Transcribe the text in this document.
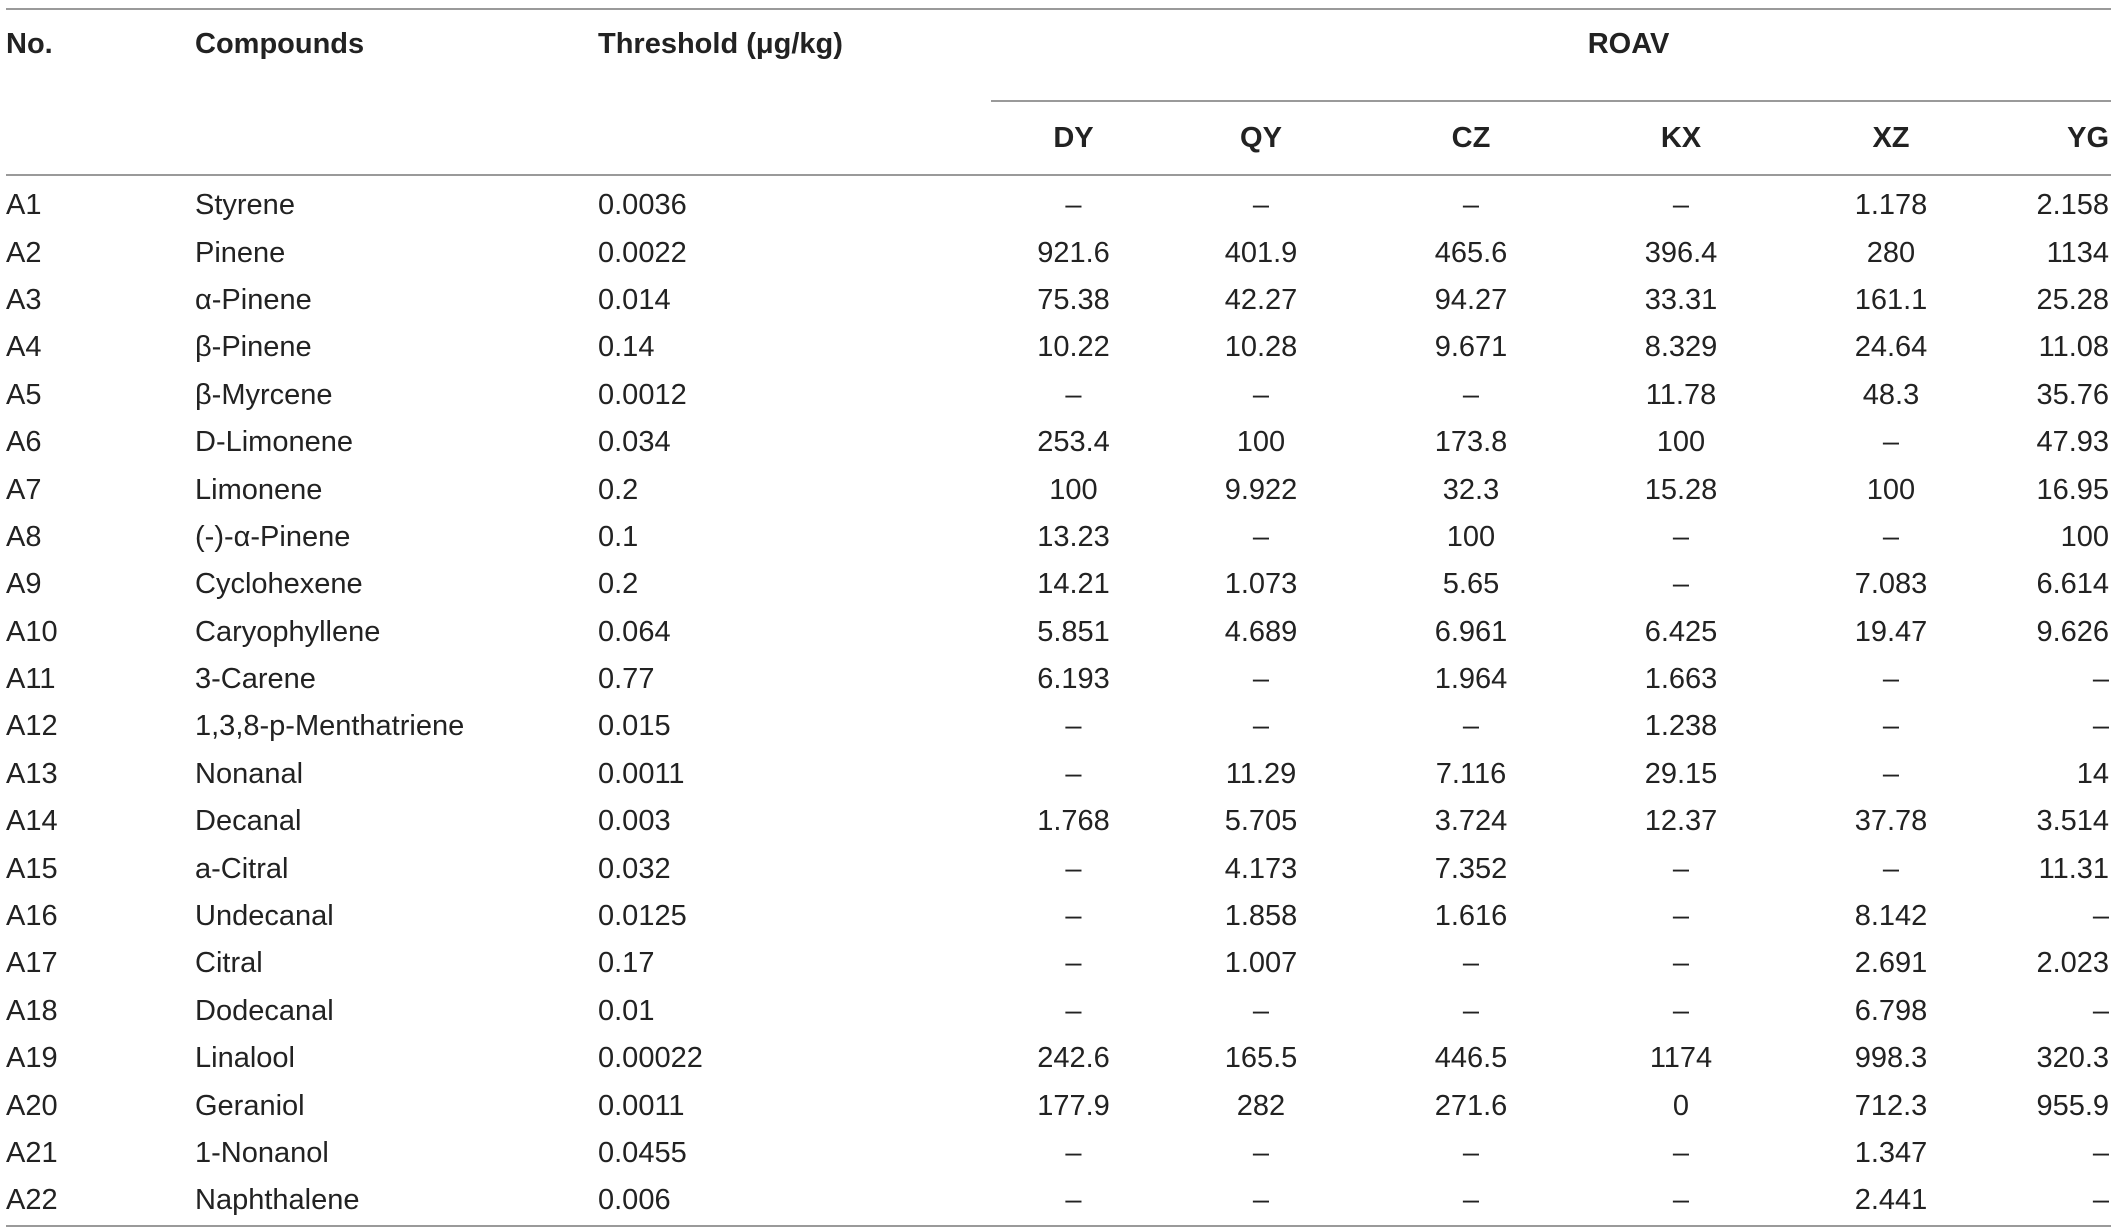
No.	Compounds	Threshold (μg/kg)	ROAV					
			DY	QY	CZ	KX	XZ	YG
A1	Styrene	0.0036	–	–	–	–	1.178	2.158
A2	Pinene	0.0022	921.6	401.9	465.6	396.4	280	1134
A3	α-Pinene	0.014	75.38	42.27	94.27	33.31	161.1	25.28
A4	β-Pinene	0.14	10.22	10.28	9.671	8.329	24.64	11.08
A5	β-Myrcene	0.0012	–	–	–	11.78	48.3	35.76
A6	D-Limonene	0.034	253.4	100	173.8	100	–	47.93
A7	Limonene	0.2	100	9.922	32.3	15.28	100	16.95
A8	(-)-α-Pinene	0.1	13.23	–	100	–	–	100
A9	Cyclohexene	0.2	14.21	1.073	5.65	–	7.083	6.614
A10	Caryophyllene	0.064	5.851	4.689	6.961	6.425	19.47	9.626
A11	3-Carene	0.77	6.193	–	1.964	1.663	–	–
A12	1,3,8-p-Menthatriene	0.015	–	–	–	1.238	–	–
A13	Nonanal	0.0011	–	11.29	7.116	29.15	–	14
A14	Decanal	0.003	1.768	5.705	3.724	12.37	37.78	3.514
A15	a-Citral	0.032	–	4.173	7.352	–	–	11.31
A16	Undecanal	0.0125	–	1.858	1.616	–	8.142	–
A17	Citral	0.17	–	1.007	–	–	2.691	2.023
A18	Dodecanal	0.01	–	–	–	–	6.798	–
A19	Linalool	0.00022	242.6	165.5	446.5	1174	998.3	320.3
A20	Geraniol	0.0011	177.9	282	271.6	0	712.3	955.9
A21	1-Nonanol	0.0455	–	–	–	–	1.347	–
A22	Naphthalene	0.006	–	–	–	–	2.441	–
